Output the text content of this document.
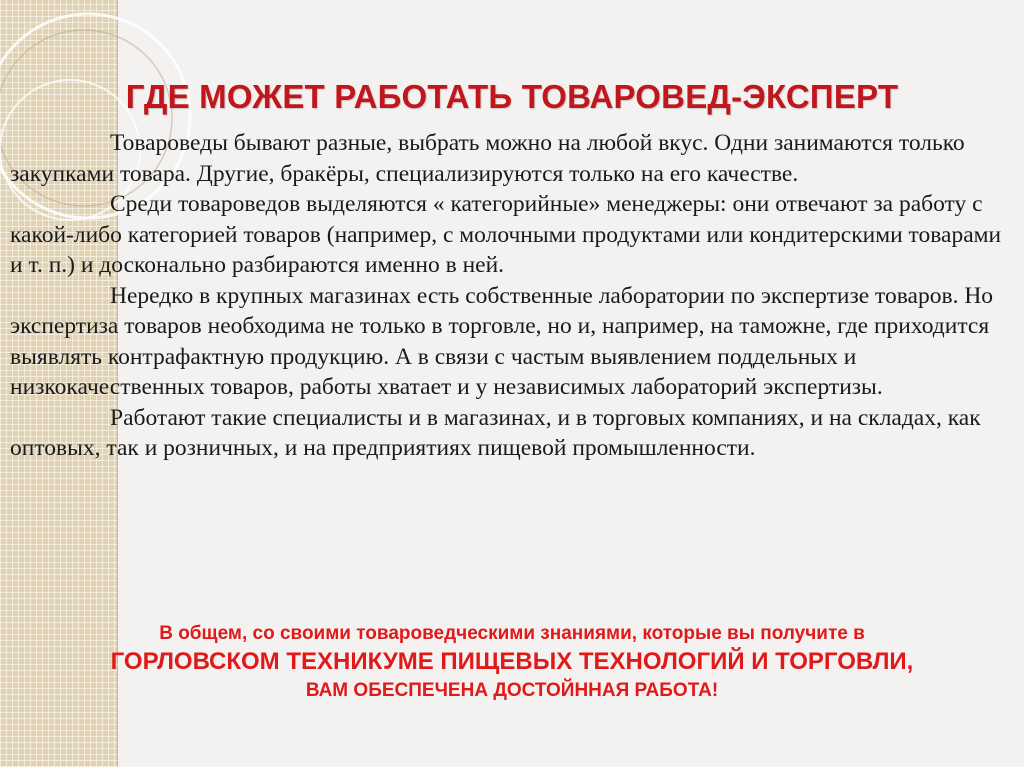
ГДЕ МОЖЕТ РАБОТАТЬ ТОВАРОВЕД-ЭКСПЕРТ

Товароведы бывают разные, выбрать можно на любой вкус. Одни занимаются только закупками товара. Другие, бракёры, специализируются только на его качестве.

Среди товароведов выделяются « категорийные» менеджеры: они отвечают за работу с какой-либо категорией товаров (например, с молочными продуктами или кондитерскими товарами и т. п.) и досконально разбираются именно в ней.

Нередко в крупных магазинах есть собственные лаборатории по экспертизе товаров. Но экспертиза товаров необходима не только в торговле, но и, например, на таможне, где приходится выявлять контрафактную продукцию. А в связи с частым выявлением поддельных и низкокачественных товаров, работы хватает и у независимых лабораторий экспертизы.

Работают такие специалисты и в магазинах, и в торговых компаниях, и на складах, как оптовых, так и розничных, и на предприятиях пищевой промышленности.

В общем, со своими товароведческими знаниями, которые вы получите в
ГОРЛОВСКОМ ТЕХНИКУМЕ ПИЩЕВЫХ ТЕХНОЛОГИЙ И ТОРГОВЛИ,
ВАМ ОБЕСПЕЧЕНА ДОСТОЙННАЯ РАБОТА!
